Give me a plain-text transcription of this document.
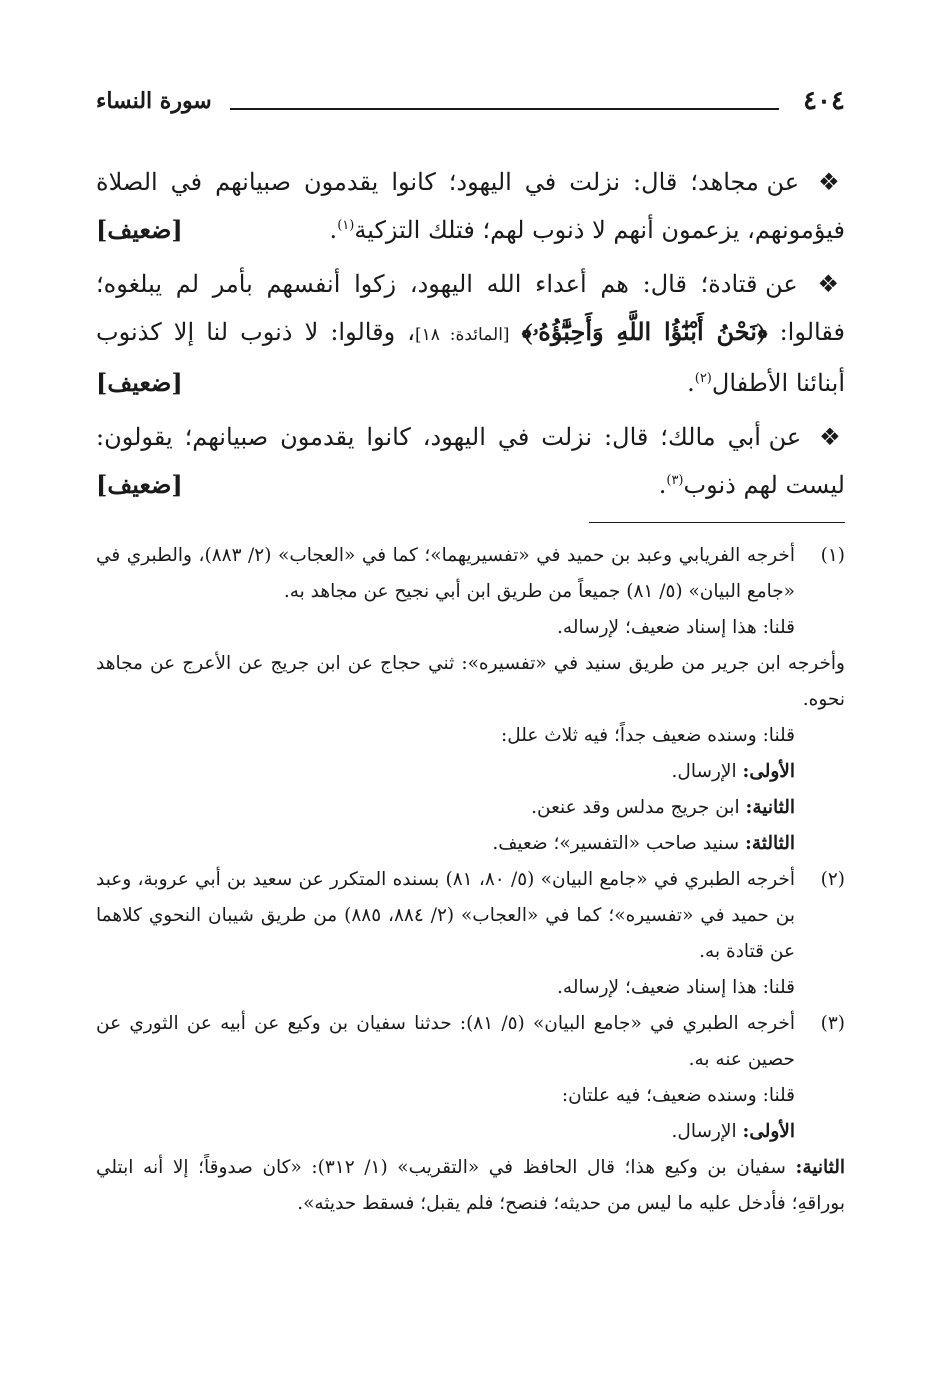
٤٠٤
سورة النساء

❖ عن مجاهد؛ قال: نزلت في اليهود؛ كانوا يقدمون صبيانهم في الصلاة فيؤمونهم، يزعمون أنهم لا ذنوب لهم؛ فتلك التزكية$^{(١)}$.
[ضعيف]

❖ عن قتادة؛ قال: هم أعداء الله اليهود، زكوا أنفسهم بأمر لم يبلغوه؛ فقالوا: ﴿نَحْنُ أَبْنَٰٓؤُا اللَّهِ وَأَحِبَّٰٓؤُهُۥ﴾ [المائدة: ١٨]، وقالوا: لا ذنوب لنا إلا كذنوب أبنائنا الأطفال$^{(٢)}$.
[ضعيف]

❖ عن أبي مالك؛ قال: نزلت في اليهود، كانوا يقدمون صبيانهم؛ يقولون: ليست لهم ذنوب$^{(٣)}$.
[ضعيف]

(١)

أخرجه الفريابي وعبد بن حميد في «تفسيريهما»؛ كما في «العجاب» (٢/ ٨٨٣)، والطبري في «جامع البيان» (٥/ ٨١) جميعاً من طريق ابن أبي نجيح عن مجاهد به.

قلنا: هذا إسناد ضعيف؛ لإرساله.

وأخرجه ابن جرير من طريق سنيد في «تفسيره»: ثني حجاج عن ابن جريج عن الأعرج عن مجاهد نحوه.

قلنا: وسنده ضعيف جداً؛ فيه ثلاث علل:

الأولى: الإرسال.

الثانية: ابن جريج مدلس وقد عنعن.

الثالثة: سنيد صاحب «التفسير»؛ ضعيف.

(٢)

أخرجه الطبري في «جامع البيان» (٥/ ٨٠، ٨١) بسنده المتكرر عن سعيد بن أبي عروبة، وعبد بن حميد في «تفسيره»؛ كما في «العجاب» (٢/ ٨٨٤، ٨٨٥) من طريق شيبان النحوي كلاهما عن قتادة به.

قلنا: هذا إسناد ضعيف؛ لإرساله.

(٣)

أخرجه الطبري في «جامع البيان» (٥/ ٨١): حدثنا سفيان بن وكيع عن أبيه عن الثوري عن حصين عنه به.

قلنا: وسنده ضعيف؛ فيه علتان:

الأولى: الإرسال.

الثانية: سفيان بن وكيع هذا؛ قال الحافظ في «التقريب» (١/ ٣١٢): «كان صدوقاً؛ إلا أنه ابتلي بوراقهِ؛ فأدخل عليه ما ليس من حديثه؛ فنصح؛ فلم يقبل؛ فسقط حديثه».
